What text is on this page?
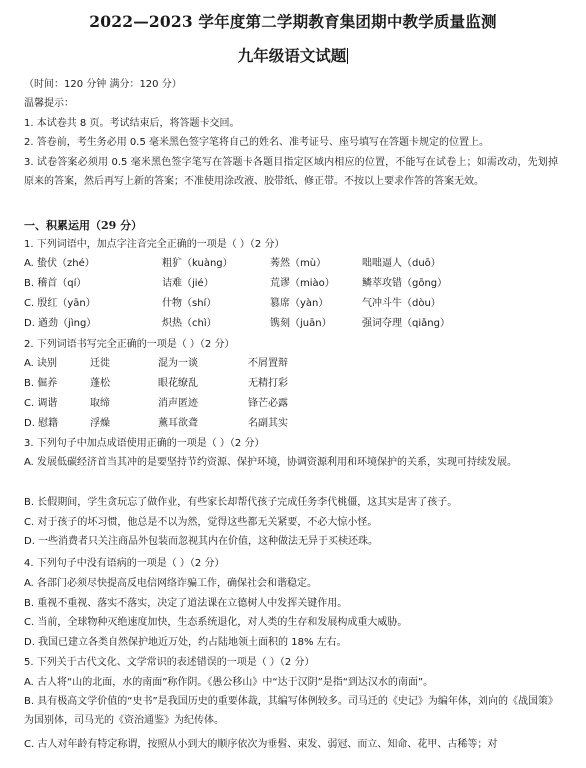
2022—2023 学年度第二学期教育集团期中教学质量监测
九年级语文试题
（时间：120 分钟 满分：120 分）
温馨提示：
1. 本试卷共 8 页。考试结束后，将答题卡交回。
2. 答卷前，考生务必用 0.5 毫米黑色签字笔将自己的姓名、准考证号、座号填写在答题卡规定的位置上。
3. 试卷答案必须用 0.5 毫米黑色签字笔写在答题卡各题目指定区域内相应的位置，不能写在试卷上；如需改动，先划掉原来的答案，然后再写上新的答案；不准使用涂改液、胶带纸、修正带。不按以上要求作答的答案无效。
一、积累运用（29 分）
1. 下列词语中，加点字注音完全正确的一项是（ ）（2 分）
A. 蛰伏（zhé）	粗犷（kuàng）	莠然（mù）	咄咄逼人（duō）
B. 稽首（qí）	诘难（jié）	荒谬（miào）	鳞萃攻错（gōng）
C. 殷红（yān）	什物（shí）	篡席（yàn）	气冲斗牛（dòu）
D. 遒劲（jìng）	炽热（chì）	镌刻（juān）	强词夺理（qiǎng）
2. 下列词语书写完全正确的一项是（ ）（2 分）
A. 诀别	迁徙	混为一谈	不屑置辩
B. 倔养	蓬松	眼花缭乱	无精打彩
C. 调谐	取缔	消声匿迹	锋芒必露
D. 慰籍	浮燥	薰耳欲聋	名副其实
3. 下列句子中加点成语使用正确的一项是（ ）（2 分）
A. 发展低碳经济首当其冲的是要坚持节约资源、保护环境，协调资源利用和环境保护的关系，实现可持续发展。
B. 长假期间，学生贪玩忘了做作业，有些家长却帮代孩子完成任务李代桃僵，这其实是害了孩子。
C. 对于孩子的坏习惯，他总是不以为然，觉得这些都无关紧要，不必大惊小怪。
D. 一些消费者只关注商品外包装而忽视其内在价值，这种做法无异于买椟还珠。
4. 下列句子中没有语病的一项是（ ）（2 分）
A. 各部门必须尽快提高反电信网络诈骗工作，确保社会和谐稳定。
B. 重视不重视、落实不落实，决定了道法课在立德树人中发挥关键作用。
C. 当前，全球物种灭绝速度加快，生态系统退化，对人类的生存和发展构成重大威胁。
D. 我国已建立各类自然保护地近万处，约占陆地领土面积的 18% 左右。
5. 下列关于古代文化、文学常识的表述错误的一项是（ ）（2 分）
A. 古人将“山的北面，水的南面”称作阴。《愚公移山》中“达于汉阴”是指“到达汉水的南面”。
B. 具有极高文学价值的“史书”是我国历史的重要体裁，其编写体例较多。司马迁的《史记》为编年体，刘向的《战国策》为国别体，司马光的《资治通鉴》为纪传体。
C. 古人对年龄有特定称谓，按照从小到大的顺序依次为垂髫、束发、弱冠、而立、知命、花甲、古稀等；对
